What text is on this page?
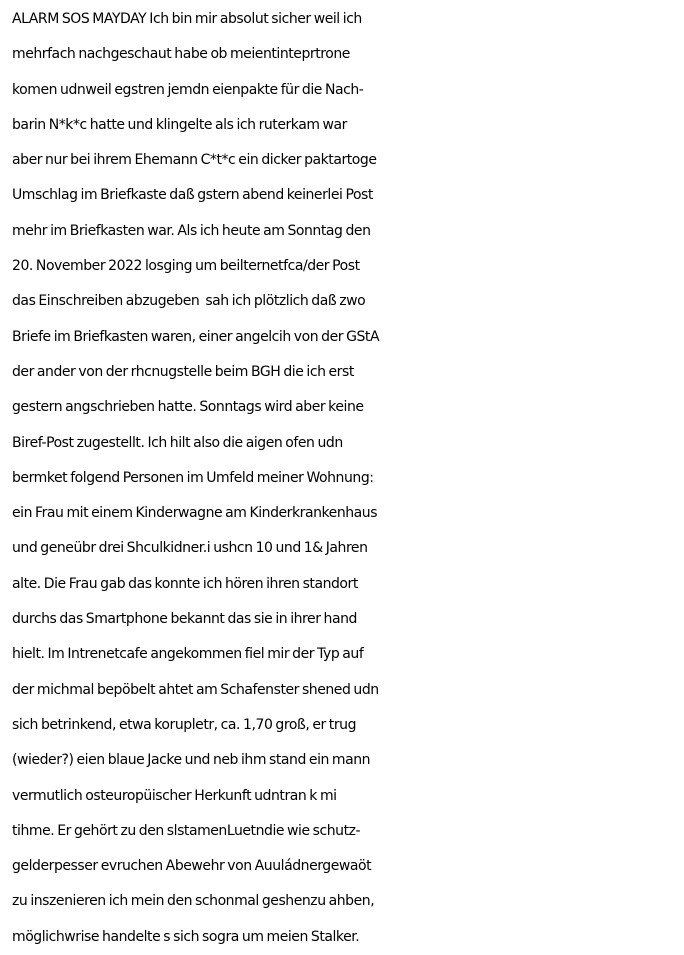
ALARM SOS MAYDAY Ich bin mir absolut sicher weil ich
mehrfach nachgeschaut habe ob meientinteprtrone
komen udnweil egstren jemdn eienpakte für die Nach-
barin N*k*c hatte und klingelte als ich ruterkam war
aber nur bei ihrem Ehemann C*t*c ein dicker paktartoge
Umschlag im Briefkaste daß gstern abend keinerlei Post
mehr im Briefkasten war. Als ich heute am Sonntag den
20. November 2022 losging um beilternetfca/der Post
das Einschreiben abzugeben  sah ich plötzlich daß zwo
Briefe im Briefkasten waren, einer angelcih von der GStA
der ander von der rhcnugstelle beim BGH die ich erst
gestern angschrieben hatte. Sonntags wird aber keine
Biref-Post zugestellt. Ich hilt also die aigen ofen udn
bermket folgend Personen im Umfeld meiner Wohnung:
ein Frau mit einem Kinderwagne am Kinderkrankenhaus
und geneübr drei Shculkidner.i ushcn 10 und 1& Jahren
alte. Die Frau gab das konnte ich hören ihren standort
durchs das Smartphone bekannt das sie in ihrer hand
hielt. Im Intrenetcafe angekommen fiel mir der Typ auf
der michmal bepöbelt ahtet am Schafenster shened udn
sich betrinkend, etwa korupletr, ca. 1,70 groß, er trug
(wieder?) eien blaue Jacke und neb ihm stand ein mann
vermutlich osteuropüischer Herkunft udntran k mi
tihme. Er gehört zu den slstamenLuetndie wie schutz-
gelderpesser evruchen Abewehr von Auuládnergewaöt
zu inszenieren ich mein den schonmal geshenzu ahben,
möglichwrise handelte s sich sogra um meien Stalker.
